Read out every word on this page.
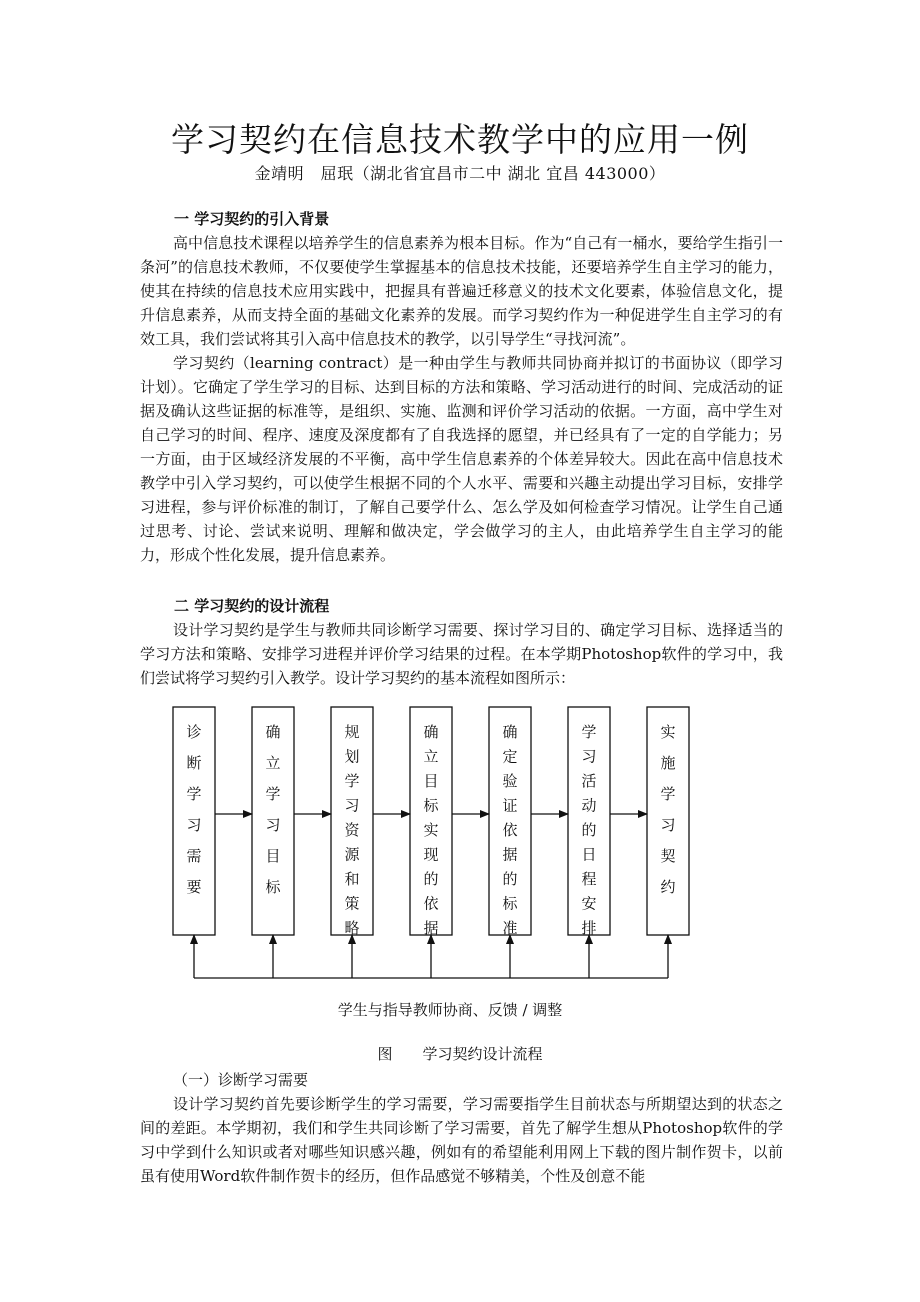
学习契约在信息技术教学中的应用一例
金靖明　屈珉（湖北省宜昌市二中 湖北 宜昌 443000）
一 学习契约的引入背景

高中信息技术课程以培养学生的信息素养为根本目标。作为“自己有一桶水，要给学生指引一条河”的信息技术教师，不仅要使学生掌握基本的信息技术技能，还要培养学生自主学习的能力，使其在持续的信息技术应用实践中，把握具有普遍迁移意义的技术文化要素，体验信息文化，提升信息素养，从而支持全面的基础文化素养的发展。而学习契约作为一种促进学生自主学习的有效工具，我们尝试将其引入高中信息技术的教学，以引导学生“寻找河流”。

学习契约（learning contract）是一种由学生与教师共同协商并拟订的书面协议（即学习计划）。它确定了学生学习的目标、达到目标的方法和策略、学习活动进行的时间、完成活动的证据及确认这些证据的标准等，是组织、实施、监测和评价学习活动的依据。一方面，高中学生对自己学习的时间、程序、速度及深度都有了自我选择的愿望，并已经具有了一定的自学能力；另一方面，由于区域经济发展的不平衡，高中学生信息素养的个体差异较大。因此在高中信息技术教学中引入学习契约，可以使学生根据不同的个人水平、需要和兴趣主动提出学习目标，安排学习进程，参与评价标准的制订，了解自己要学什么、怎么学及如何检查学习情况。让学生自己通过思考、讨论、尝试来说明、理解和做决定，学会做学习的主人，由此培养学生自主学习的能力，形成个性化发展，提升信息素养。

二 学习契约的设计流程

设计学习契约是学生与教师共同诊断学习需要、探讨学习目的、确定学习目标、选择适当的学习方法和策略、安排学习进程并评价学习结果的过程。在本学期Photoshop软件的学习中，我们尝试将学习契约引入教学。设计学习契约的基本流程如图所示：

诊断学习需要
确立学习目标
规划学习资源和策略
确立目标实现的依据
确定验证依据的标准
学习活动的日程安排
实施学习契约
学生与指导教师协商、反馈 / 调整
图　　学习契约设计流程
（一）诊断学习需要

设计学习契约首先要诊断学生的学习需要，学习需要指学生目前状态与所期望达到的状态之间的差距。本学期初，我们和学生共同诊断了学习需要，首先了解学生想从Photoshop软件的学习中学到什么知识或者对哪些知识感兴趣，例如有的希望能利用网上下载的图片制作贺卡，以前虽有使用Word软件制作贺卡的经历，但作品感觉不够精美，个性及创意不能
